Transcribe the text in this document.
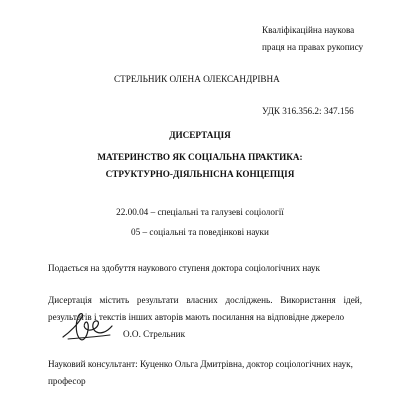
Кваліфікаційна наукова
праця на правах рукопису
СТРЕЛЬНИК ОЛЕНА ОЛЕКСАНДРІВНА
УДК 316.356.2: 347.156
ДИСЕРТАЦІЯ
МАТЕРИНСТВО ЯК СОЦІАЛЬНА ПРАКТИКА:
СТРУКТУРНО-ДІЯЛЬНІСНА КОНЦЕПЦІЯ
22.00.04 – спеціальні та галузеві соціології
05 – соціальні та поведінкові науки
Подається на здобуття наукового ступеня доктора соціологічних наук
Дисертація містить результати власних досліджень. Використання ідей,
результатів і текстів інших авторів мають посилання на відповідне джерело
О.О. Стрельник
Науковий консультант: Куценко Ольга Дмитрівна, доктор соціологічних наук,
професор
